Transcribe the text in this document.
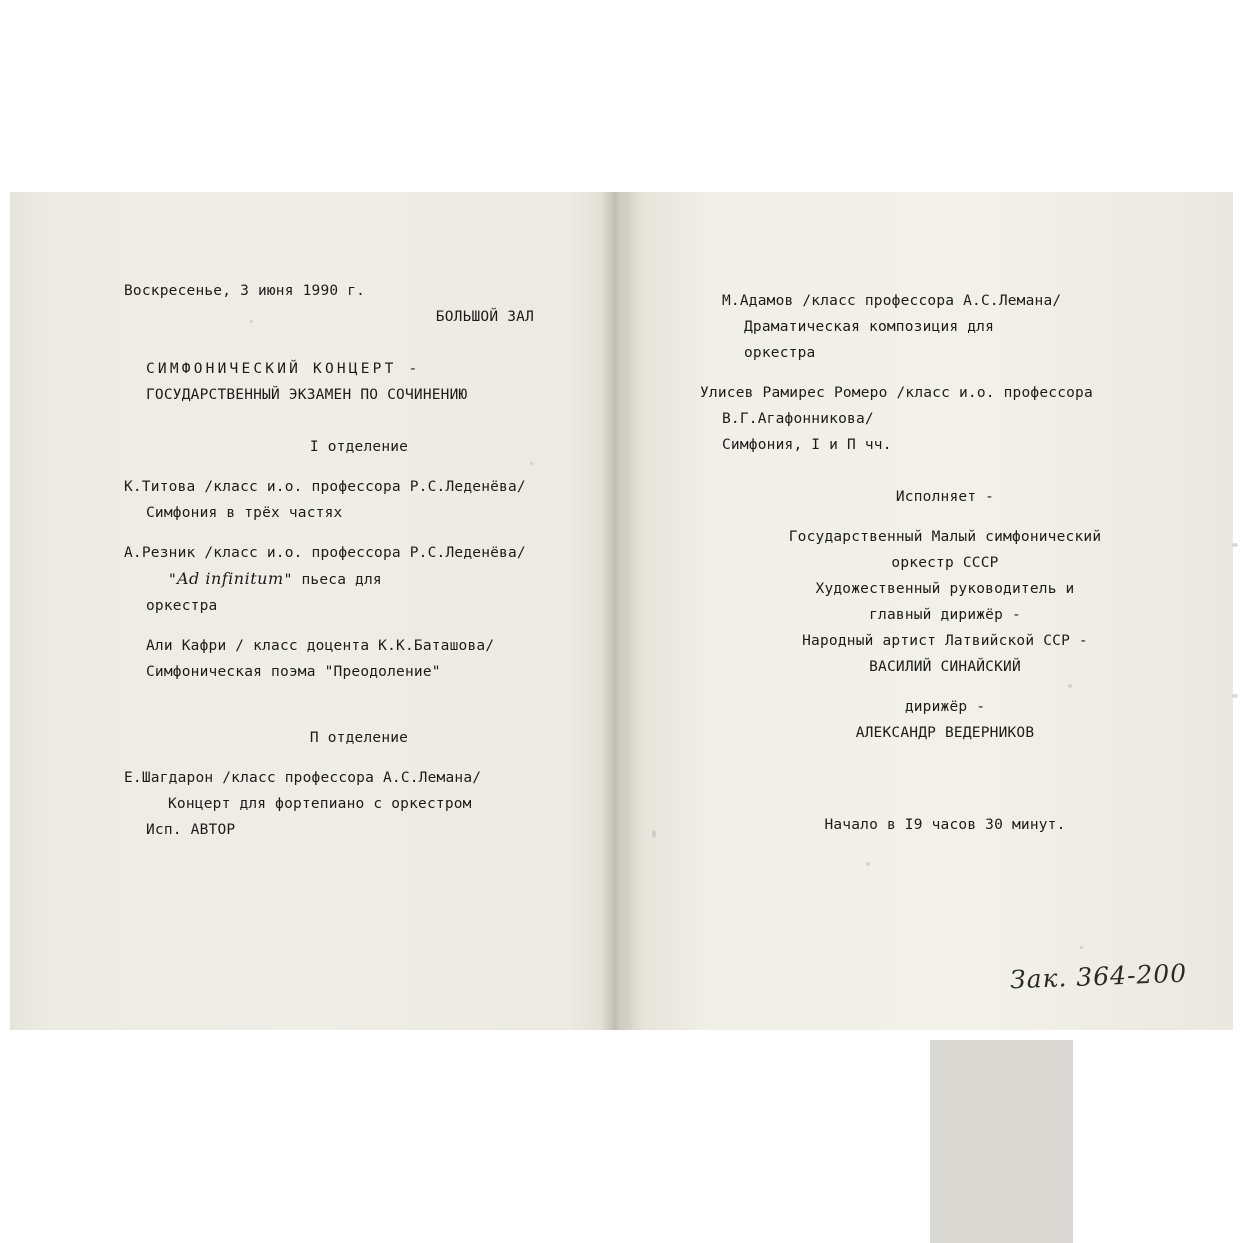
Воскресенье, 3 июня 1990 г.
БОЛЬШОЙ ЗАЛ
СИМФОНИЧЕСКИЙ КОНЦЕРТ -
ГОСУДАРСТВЕННЫЙ ЭКЗАМЕН ПО СОЧИНЕНИЮ
I отделение
К.Титова /класс и.о. профессора Р.С.Леденёва/
Симфония в трёх частях
А.Резник /класс и.о. профессора Р.С.Леденёва/
"Ad infinitum" пьеса для
оркестра
Али Кафри / класс доцента К.К.Баташова/
Симфоническая поэма "Преодоление"
П отделение
Е.Шагдарон /класс профессора А.С.Лемана/
Концерт для фортепиано с оркестром
Исп. АВТОР
М.Адамов /класс профессора А.С.Лемана/
Драматическая композиция для
оркестра
Улисев Рамирес Ромеро /класс и.о. профессора
В.Г.Агафонникова/
Симфония, I и П чч.
Исполняет -
Государственный Малый симфонический
оркестр СССР
Художественный руководитель и
главный дирижёр -
Народный артист Латвийской ССР -
ВАСИЛИЙ СИНАЙСКИЙ
дирижёр -
АЛЕКСАНДР ВЕДЕРНИКОВ
Начало в I9 часов 30 минут.
Зак. 364-200
